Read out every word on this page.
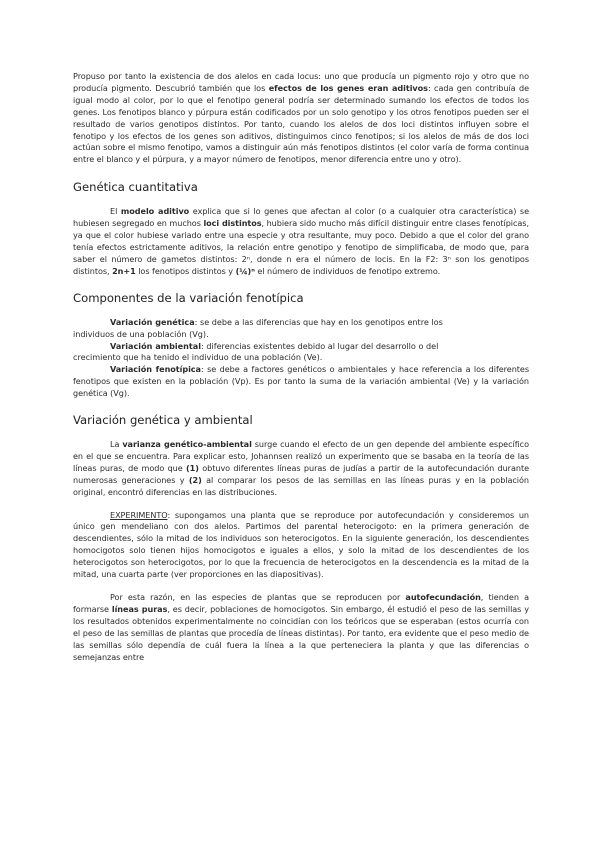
Propuso por tanto la existencia de dos alelos en cada locus: uno que producía un pigmento rojo y otro que no producía pigmento. Descubrió también que los efectos de los genes eran aditivos: cada gen contribuía de igual modo al color, por lo que el fenotipo general podría ser determinado sumando los efectos de todos los genes. Los fenotipos blanco y púrpura están codificados por un solo genotipo y los otros fenotipos pueden ser el resultado de varios genotipos distintos. Por tanto, cuando los alelos de dos loci distintos influyen sobre el fenotipo y los efectos de los genes son aditivos, distinguimos cinco fenotipos; si los alelos de más de dos loci actúan sobre el mismo fenotipo, vamos a distinguir aún más fenotipos distintos (el color varía de forma continua entre el blanco y el púrpura, y a mayor número de fenotipos, menor diferencia entre uno y otro).

Genética cuantitativa

El modelo aditivo explica que si lo genes que afectan al color (o a cualquier otra característica) se hubiesen segregado en muchos loci distintos, hubiera sido mucho más difícil distinguir entre clases fenotípicas, ya que el color hubiese variado entre una especie y otra resultante, muy poco. Debido a que el color del grano tenía efectos estrictamente aditivos, la relación entre genotipo y fenotipo de simplificaba, de modo que, para saber el número de gametos distintos: 2ⁿ, donde n era el número de locis. En la F2: 3ⁿ son los genotipos distintos, 2n+1 los fenotipos distintos y (¼)ⁿ el número de individuos de fenotipo extremo.

Componentes de la variación fenotípica
Variación genética: se debe a las diferencias que hay en los genotipos entre los
individuos de una población (Vg).
Variación ambiental: diferencias existentes debido al lugar del desarrollo o del
crecimiento que ha tenido el individuo de una población (Ve).

Variación fenotípica: se debe a factores genéticos o ambientales y hace referencia a los diferentes fenotipos que existen en la población (Vp). Es por tanto la suma de la variación ambiental (Ve) y la variación genética (Vg).

Variación genética y ambiental

La varianza genético-ambiental surge cuando el efecto de un gen depende del ambiente específico en el que se encuentra. Para explicar esto, Johannsen realizó un experimento que se basaba en la teoría de las líneas puras, de modo que (1) obtuvo diferentes líneas puras de judías a partir de la autofecundación durante numerosas generaciones y (2) al comparar los pesos de las semillas en las líneas puras y en la población original, encontró diferencias en las distribuciones.

EXPERIMENTO: supongamos una planta que se reproduce por autofecundación y consideremos un único gen mendeliano con dos alelos. Partimos del parental heterocigoto: en la primera generación de descendientes, sólo la mitad de los individuos son heterocigotos. En la siguiente generación, los descendientes homocigotos solo tienen hijos homocigotos e iguales a ellos, y solo la mitad de los descendientes de los heterocigotos son heterocigotos, por lo que la frecuencia de heterocigotos en la descendencia es la mitad de la mitad, una cuarta parte (ver proporciones en las diapositivas).

Por esta razón, en las especies de plantas que se reproducen por autofecundación, tienden a formarse líneas puras, es decir, poblaciones de homocigotos. Sin embargo, él estudió el peso de las semillas y los resultados obtenidos experimentalmente no coincidían con los teóricos que se esperaban (estos ocurría con el peso de las semillas de plantas que procedía de líneas distintas). Por tanto, era evidente que el peso medio de las semillas sólo dependía de cuál fuera la línea a la que perteneciera la planta y que las diferencias o semejanzas entre
